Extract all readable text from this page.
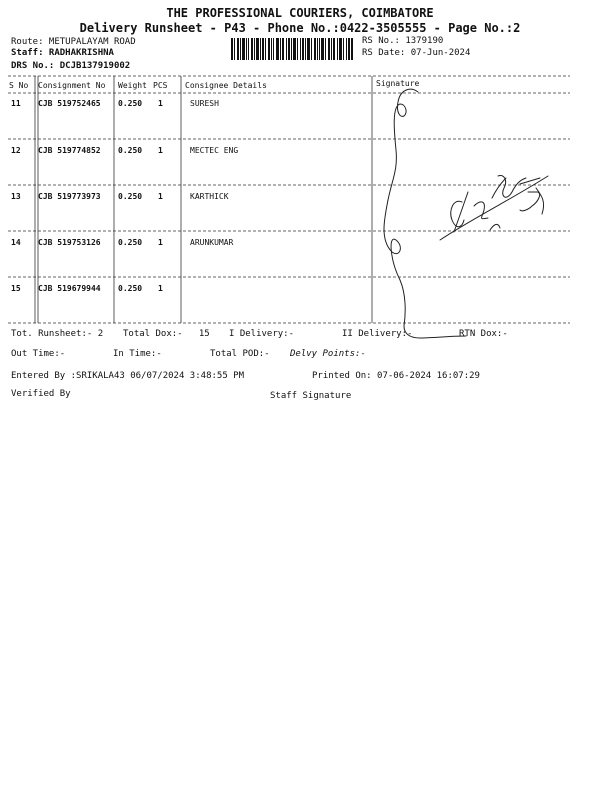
THE PROFESSIONAL COURIERS, COIMBATORE
Delivery Runsheet - P43 - Phone No.:0422-3505555 - Page No.:2
Route: METUPALAYAM ROAD
Staff: RADHAKRISHNA
DRS No.: DCJB137919002
RS No.: 1379190
RS Date: 07-Jun-2024
S No Consignment No Weight PCS Consignee Details	Signature
11 CJB 519752465 0.250 1	SURESH
12 CJB 519774852 0.250 1	MECTEC ENG
13 CJB 519773973 0.250 1	KARTHICK
14 CJB 519753126 0.250 1	ARUNKUMAR
15 CJB 519679944 0.250 1
C/N RJN
Tot. Runsheet:- 2 Total Dox:-   15 I Delivery:-	II Delivery:-	RTN Dox:-
Out Time:-	In Time:-	Total POD:- Delvy Points:-
Entered By :SRIKALA43 06/07/2024 3:48:55 PM	Printed On: 07-06-2024 16:07:29
Verified By	Staff Signature
